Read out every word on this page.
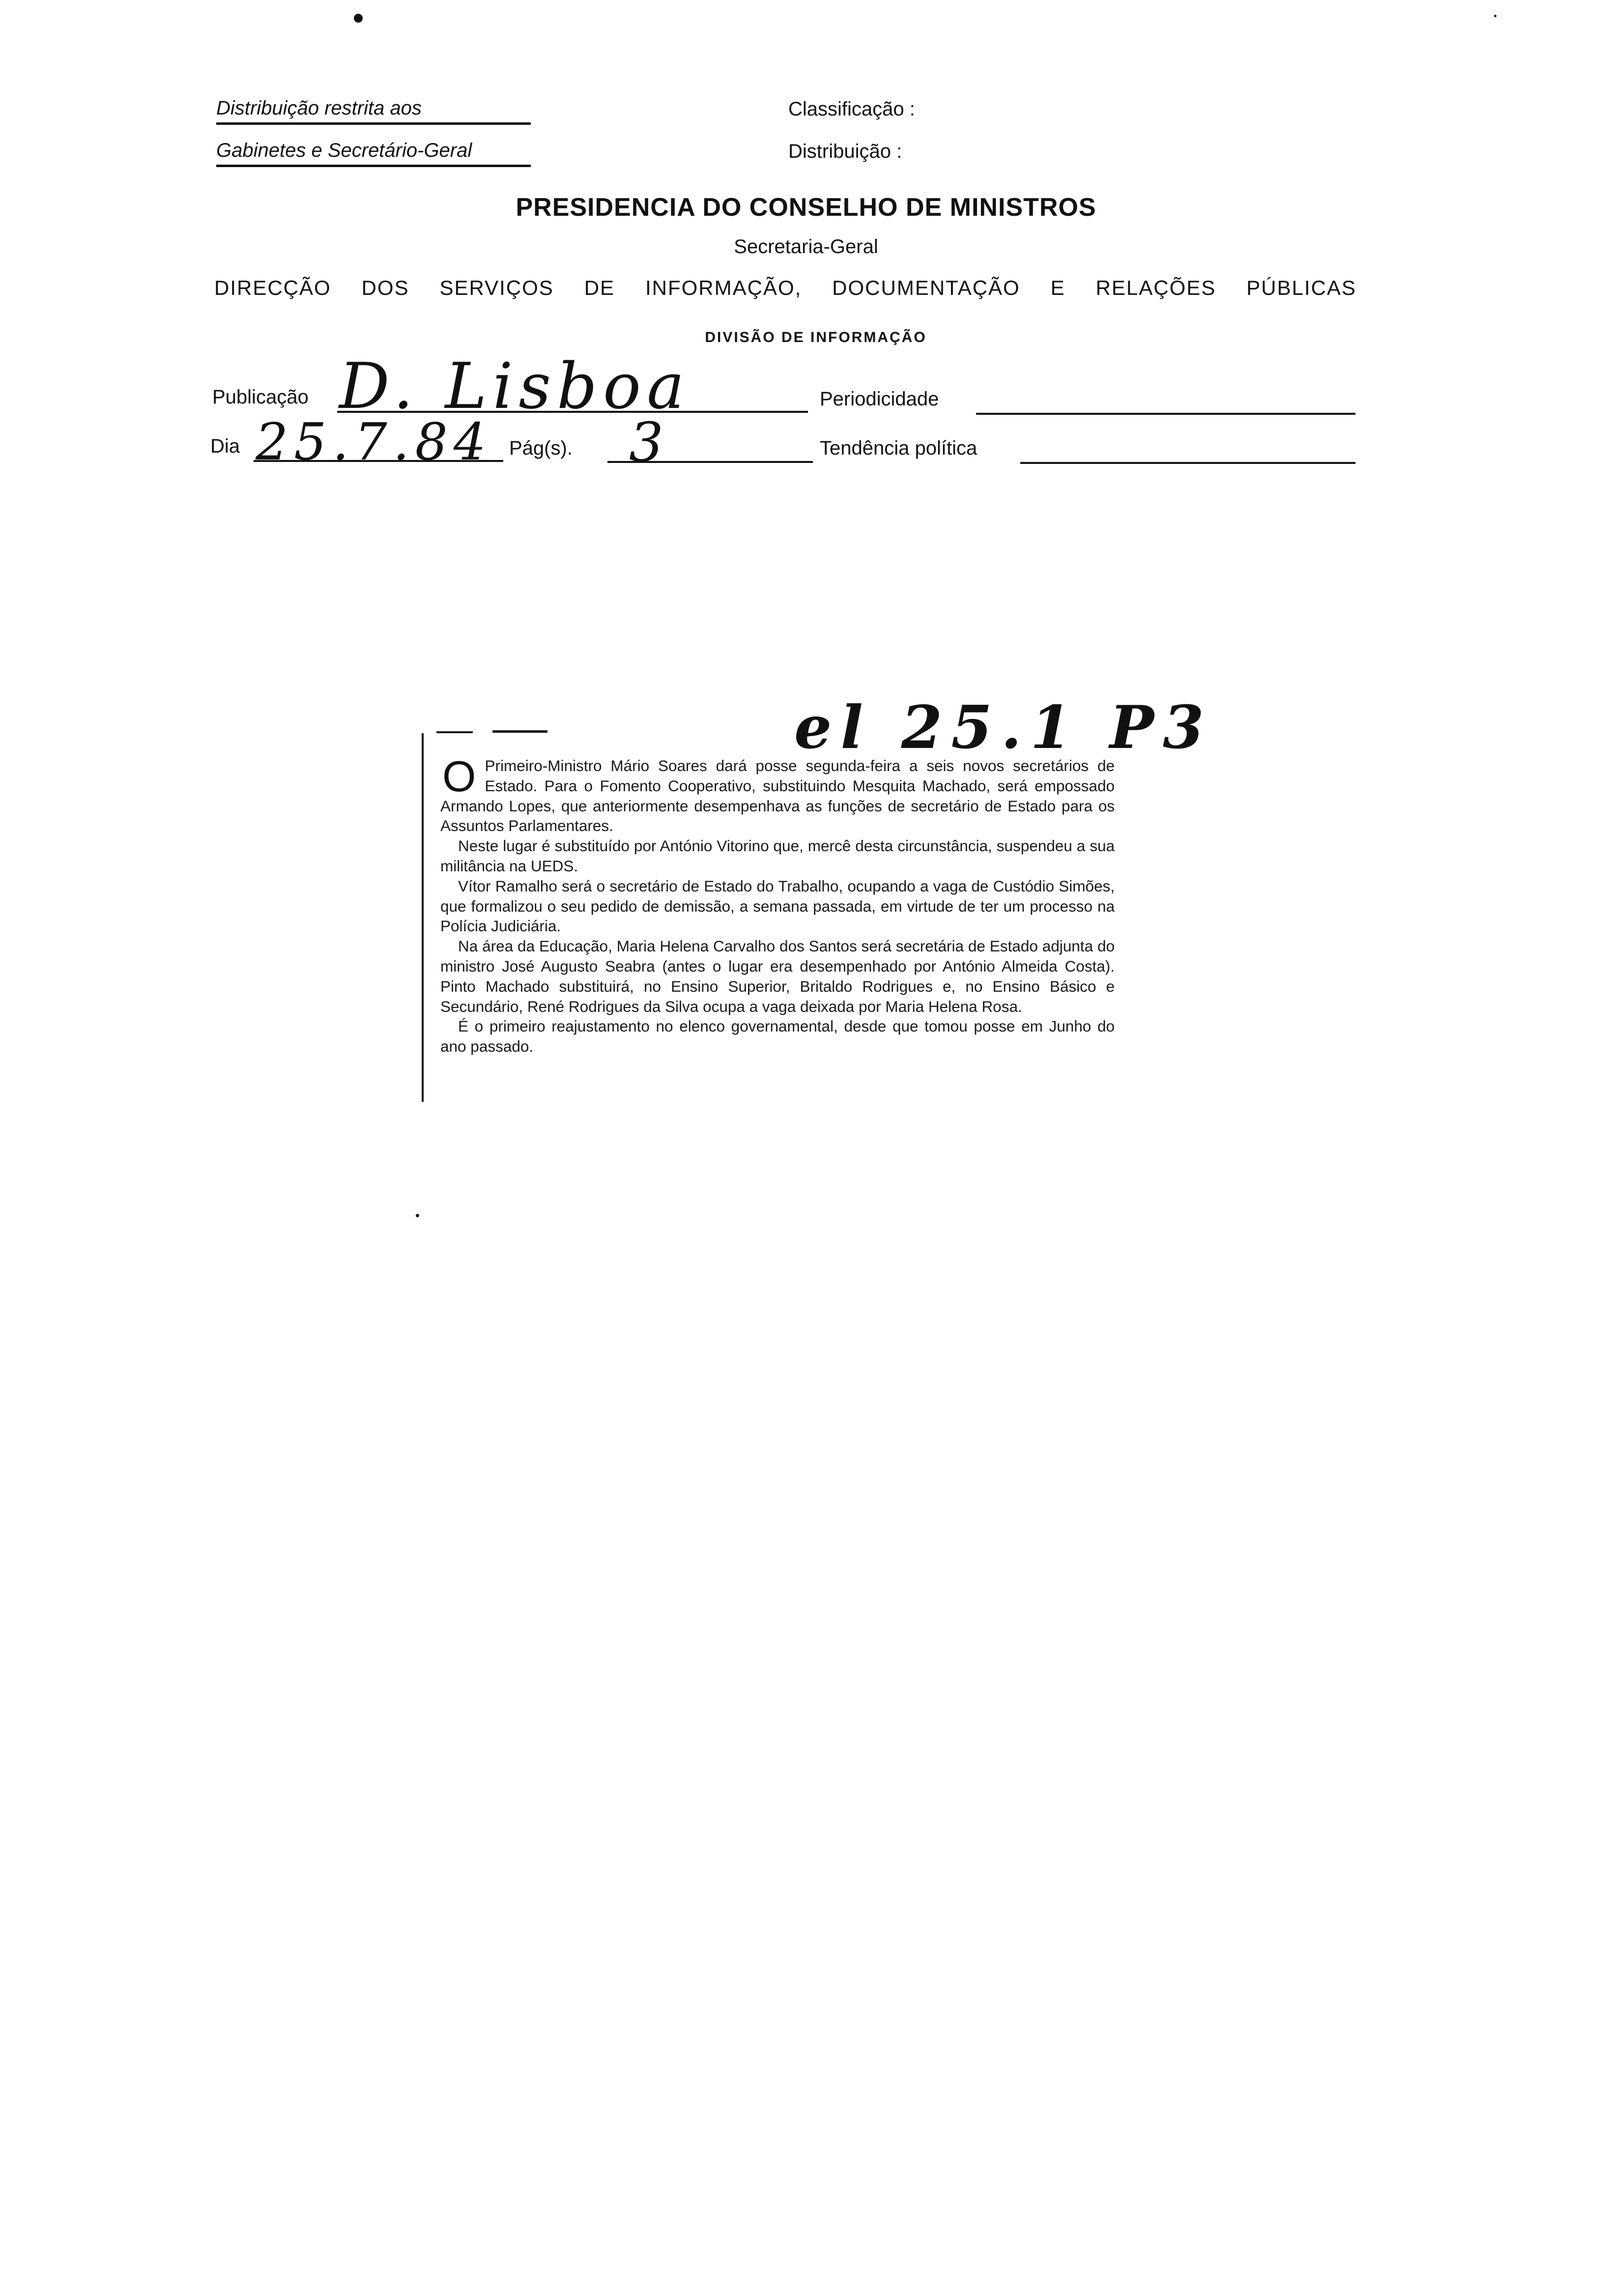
Distribuição restrita aos
Gabinetes e Secretário-Geral
Classificação :
Distribuição :
PRESIDENCIA DO CONSELHO DE MINISTROS
Secretaria-Geral
DIRECÇÃO DOS SERVIÇOS DE INFORMAÇÃO, DOCUMENTAÇÃO E RELAÇÕES PÚBLICAS
DIVISÃO DE INFORMAÇÃO
Publicação D. Lisboa	Periodicidade
Dia 25.7.84 Pág(s). 3	Tendência política
el 25.1 P3

O Primeiro-Ministro Mário Soares dará posse segunda-feira a seis novos secretários de Estado. Para o Fomento Cooperativo, substituindo Mesquita Machado, será empossado Armando Lopes, que anteriormente desempenhava as funções de secretário de Estado para os Assuntos Parlamentares.

Neste lugar é substituído por António Vitorino que, mercê desta circunstância, suspendeu a sua militância na UEDS.

Vítor Ramalho será o secretário de Estado do Trabalho, ocupando a vaga de Custódio Simões, que formalizou o seu pedido de demissão, a semana passada, em virtude de ter um processo na Polícia Judiciária.

Na área da Educação, Maria Helena Carvalho dos Santos será secretária de Estado adjunta do ministro José Augusto Seabra (antes o lugar era desempenhado por António Almeida Costa). Pinto Machado substituirá, no Ensino Superior, Britaldo Rodrigues e, no Ensino Básico e Secundário, René Rodrigues da Silva ocupa a vaga deixada por Maria Helena Rosa.

É o primeiro reajustamento no elenco governamental, desde que tomou posse em Junho do ano passado.
